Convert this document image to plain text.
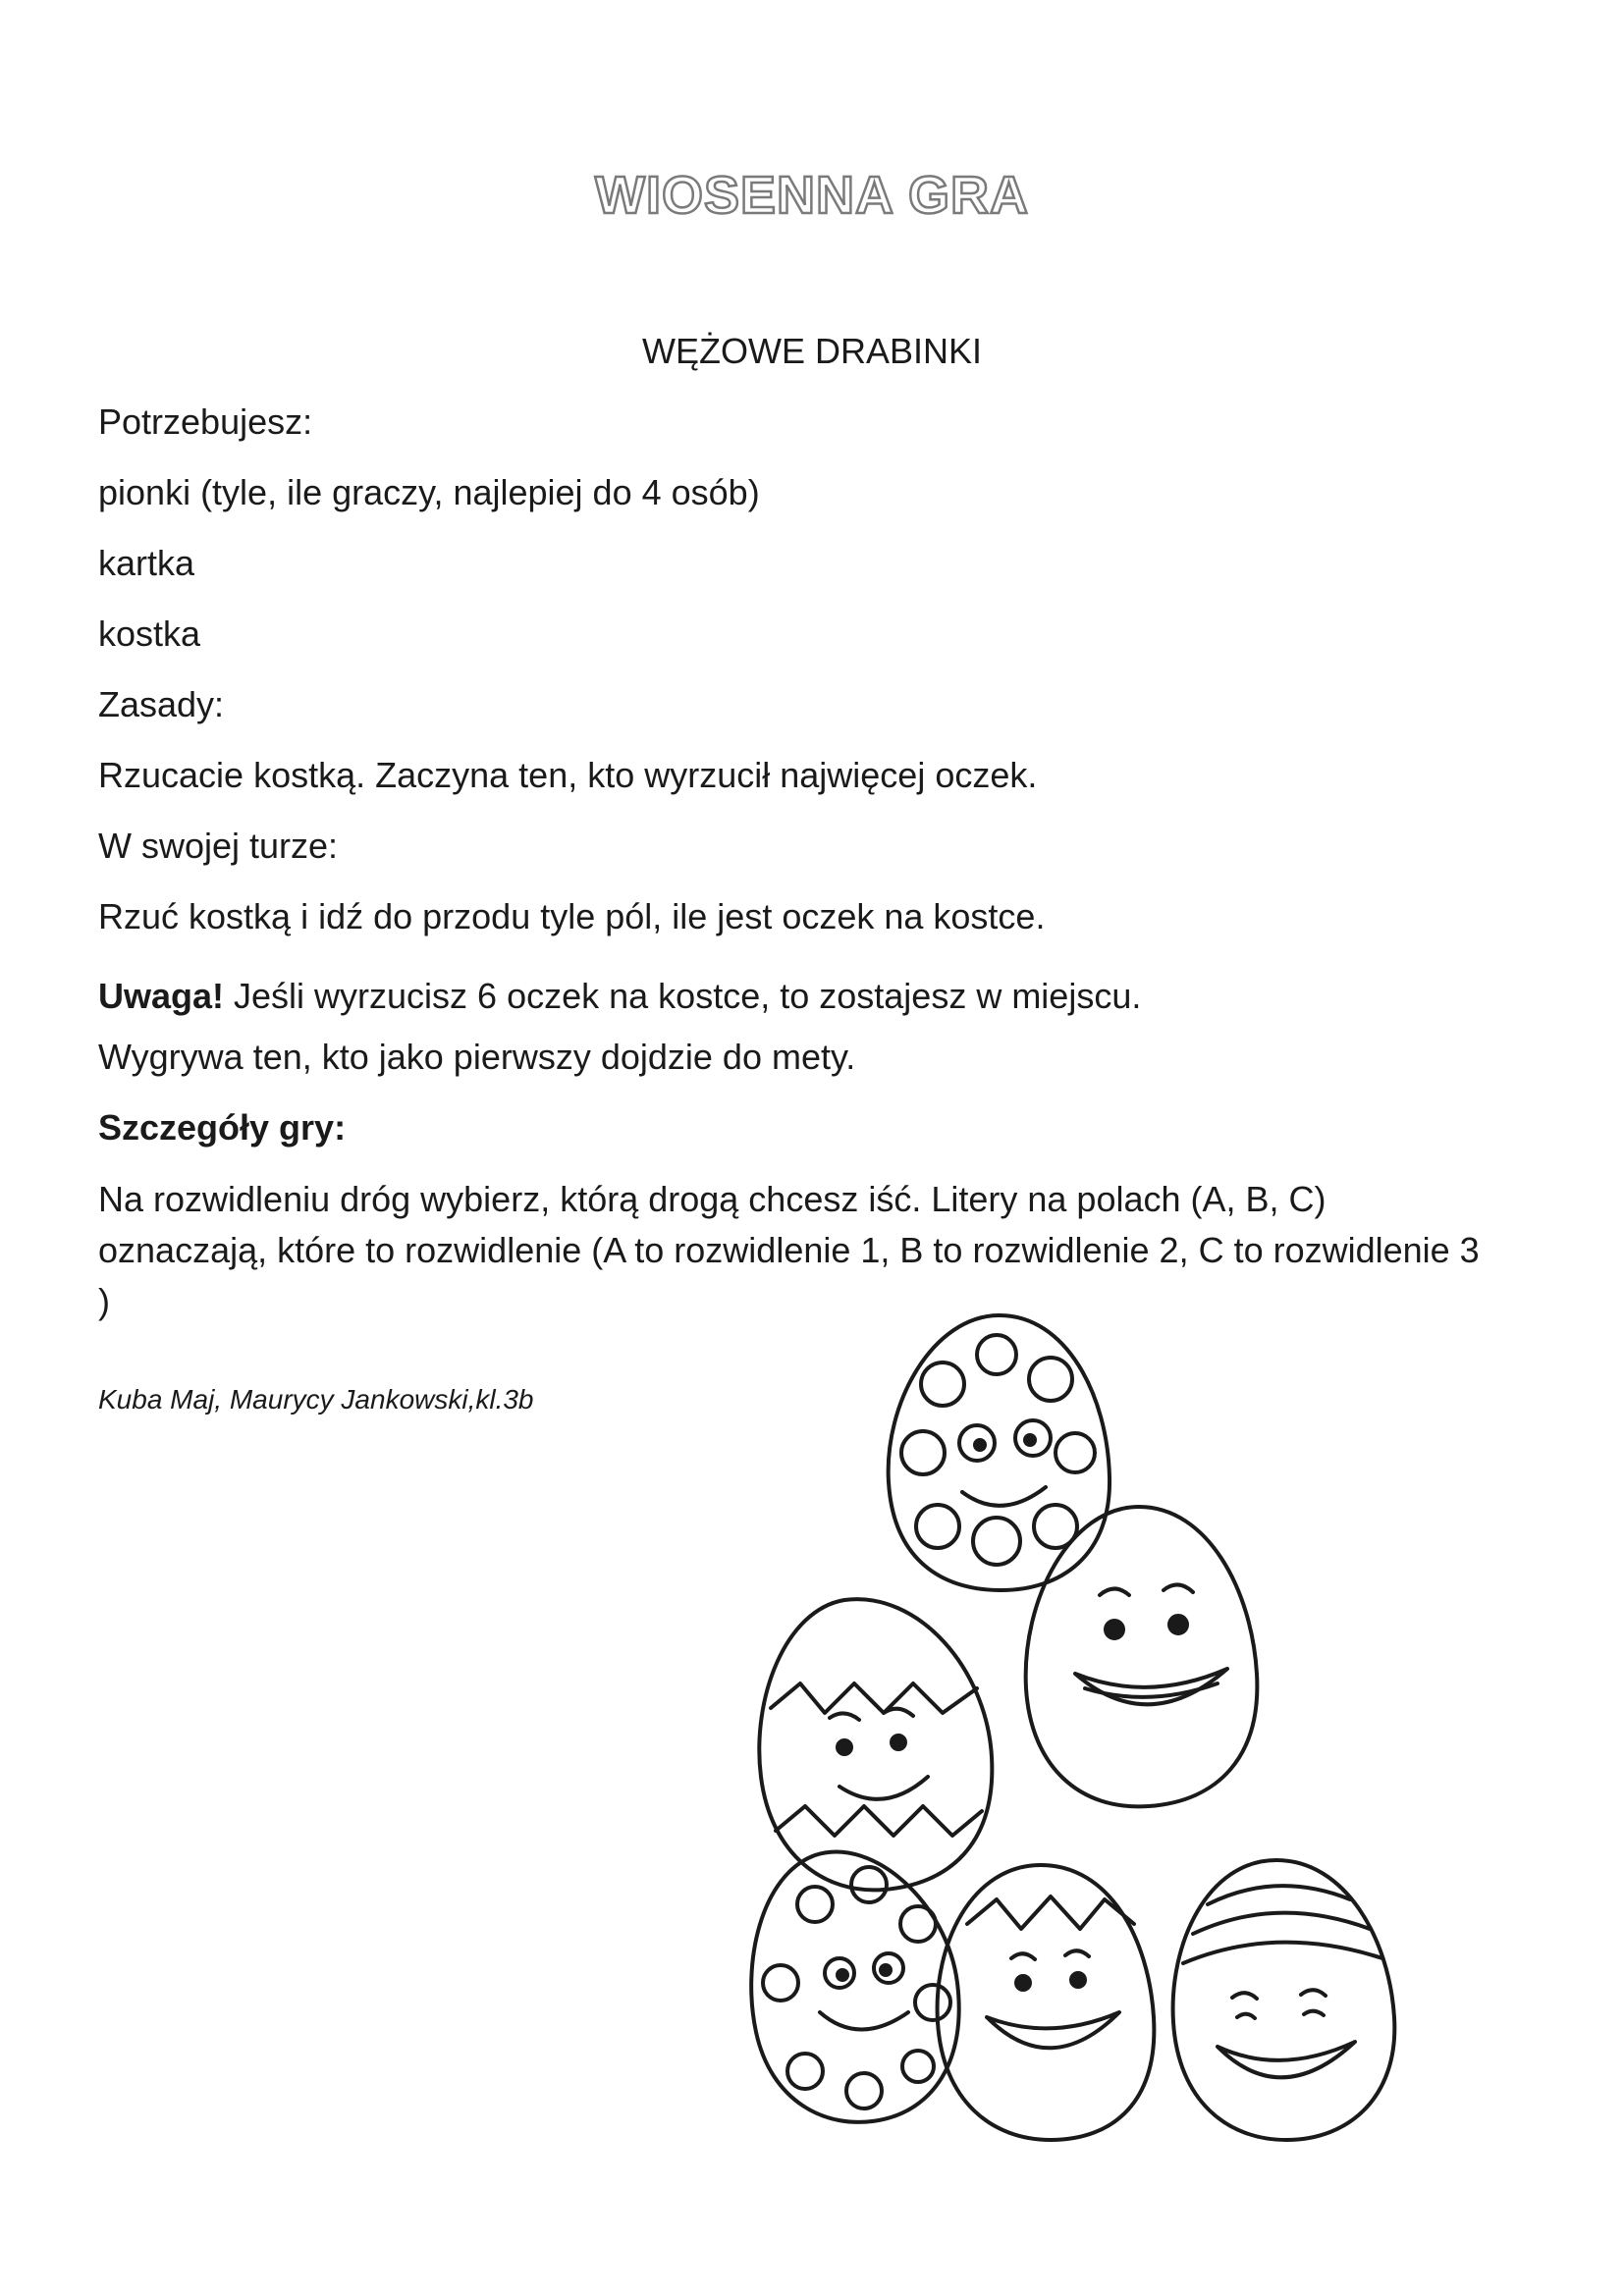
WIOSENNA GRA
WĘŻOWE DRABINKI

Potrzebujesz:

pionki (tyle, ile graczy, najlepiej do 4 osób)

kartka

kostka

Zasady:

Rzucacie kostką. Zaczyna ten, kto wyrzucił najwięcej oczek.

W swojej turze:

Rzuć kostką i idź do przodu tyle pól, ile jest oczek na kostce.

Uwaga! Jeśli wyrzucisz 6 oczek na kostce, to zostajesz w miejscu.

Wygrywa ten, kto jako pierwszy dojdzie do mety.

Szczegóły gry:

Na rozwidleniu dróg wybierz, którą drogą chcesz iść. Litery na polach (A, B, C) oznaczają, które to rozwidlenie (A to rozwidlenie 1, B to rozwidlenie 2, C to rozwidlenie 3 )

Kuba Maj, Maurycy Jankowski,kl.3b
